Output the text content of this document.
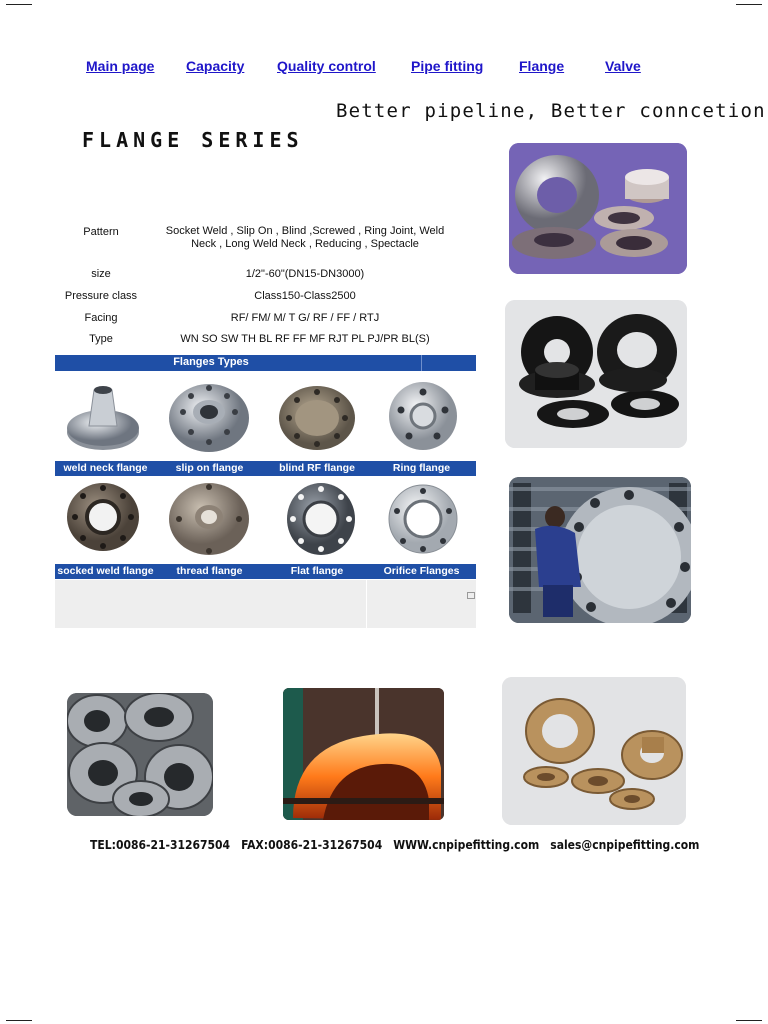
Main page Capacity Quality control	Pipe fitting	Flange	Valve
Better pipeline, Better conncetion
FLANGE SERIES
Pattern	Socket Weld , Slip On , Blind ,Screwed , Ring Joint, Weld Neck , Long Weld Neck , Reducing , Spectacle
size	1/2"-60"(DN15-DN3000)
Pressure class	Class150-Class2500
Facing	RF/ FM/ M/ T G/ RF / FF / RTJ
Type	WN SO SW TH BL RF FF MF RJT PL PJ/PR BL(S)
Flanges Types
weld neck flange	slip on flange	blind RF flange	Ring flange
socked weld flange	thread flange	Flat flange	Orifice Flanges
TEL:0086-21-31267504 FAX:0086-21-31267504 WWW.cnpipefitting.com sales@cnpipefitting.com
